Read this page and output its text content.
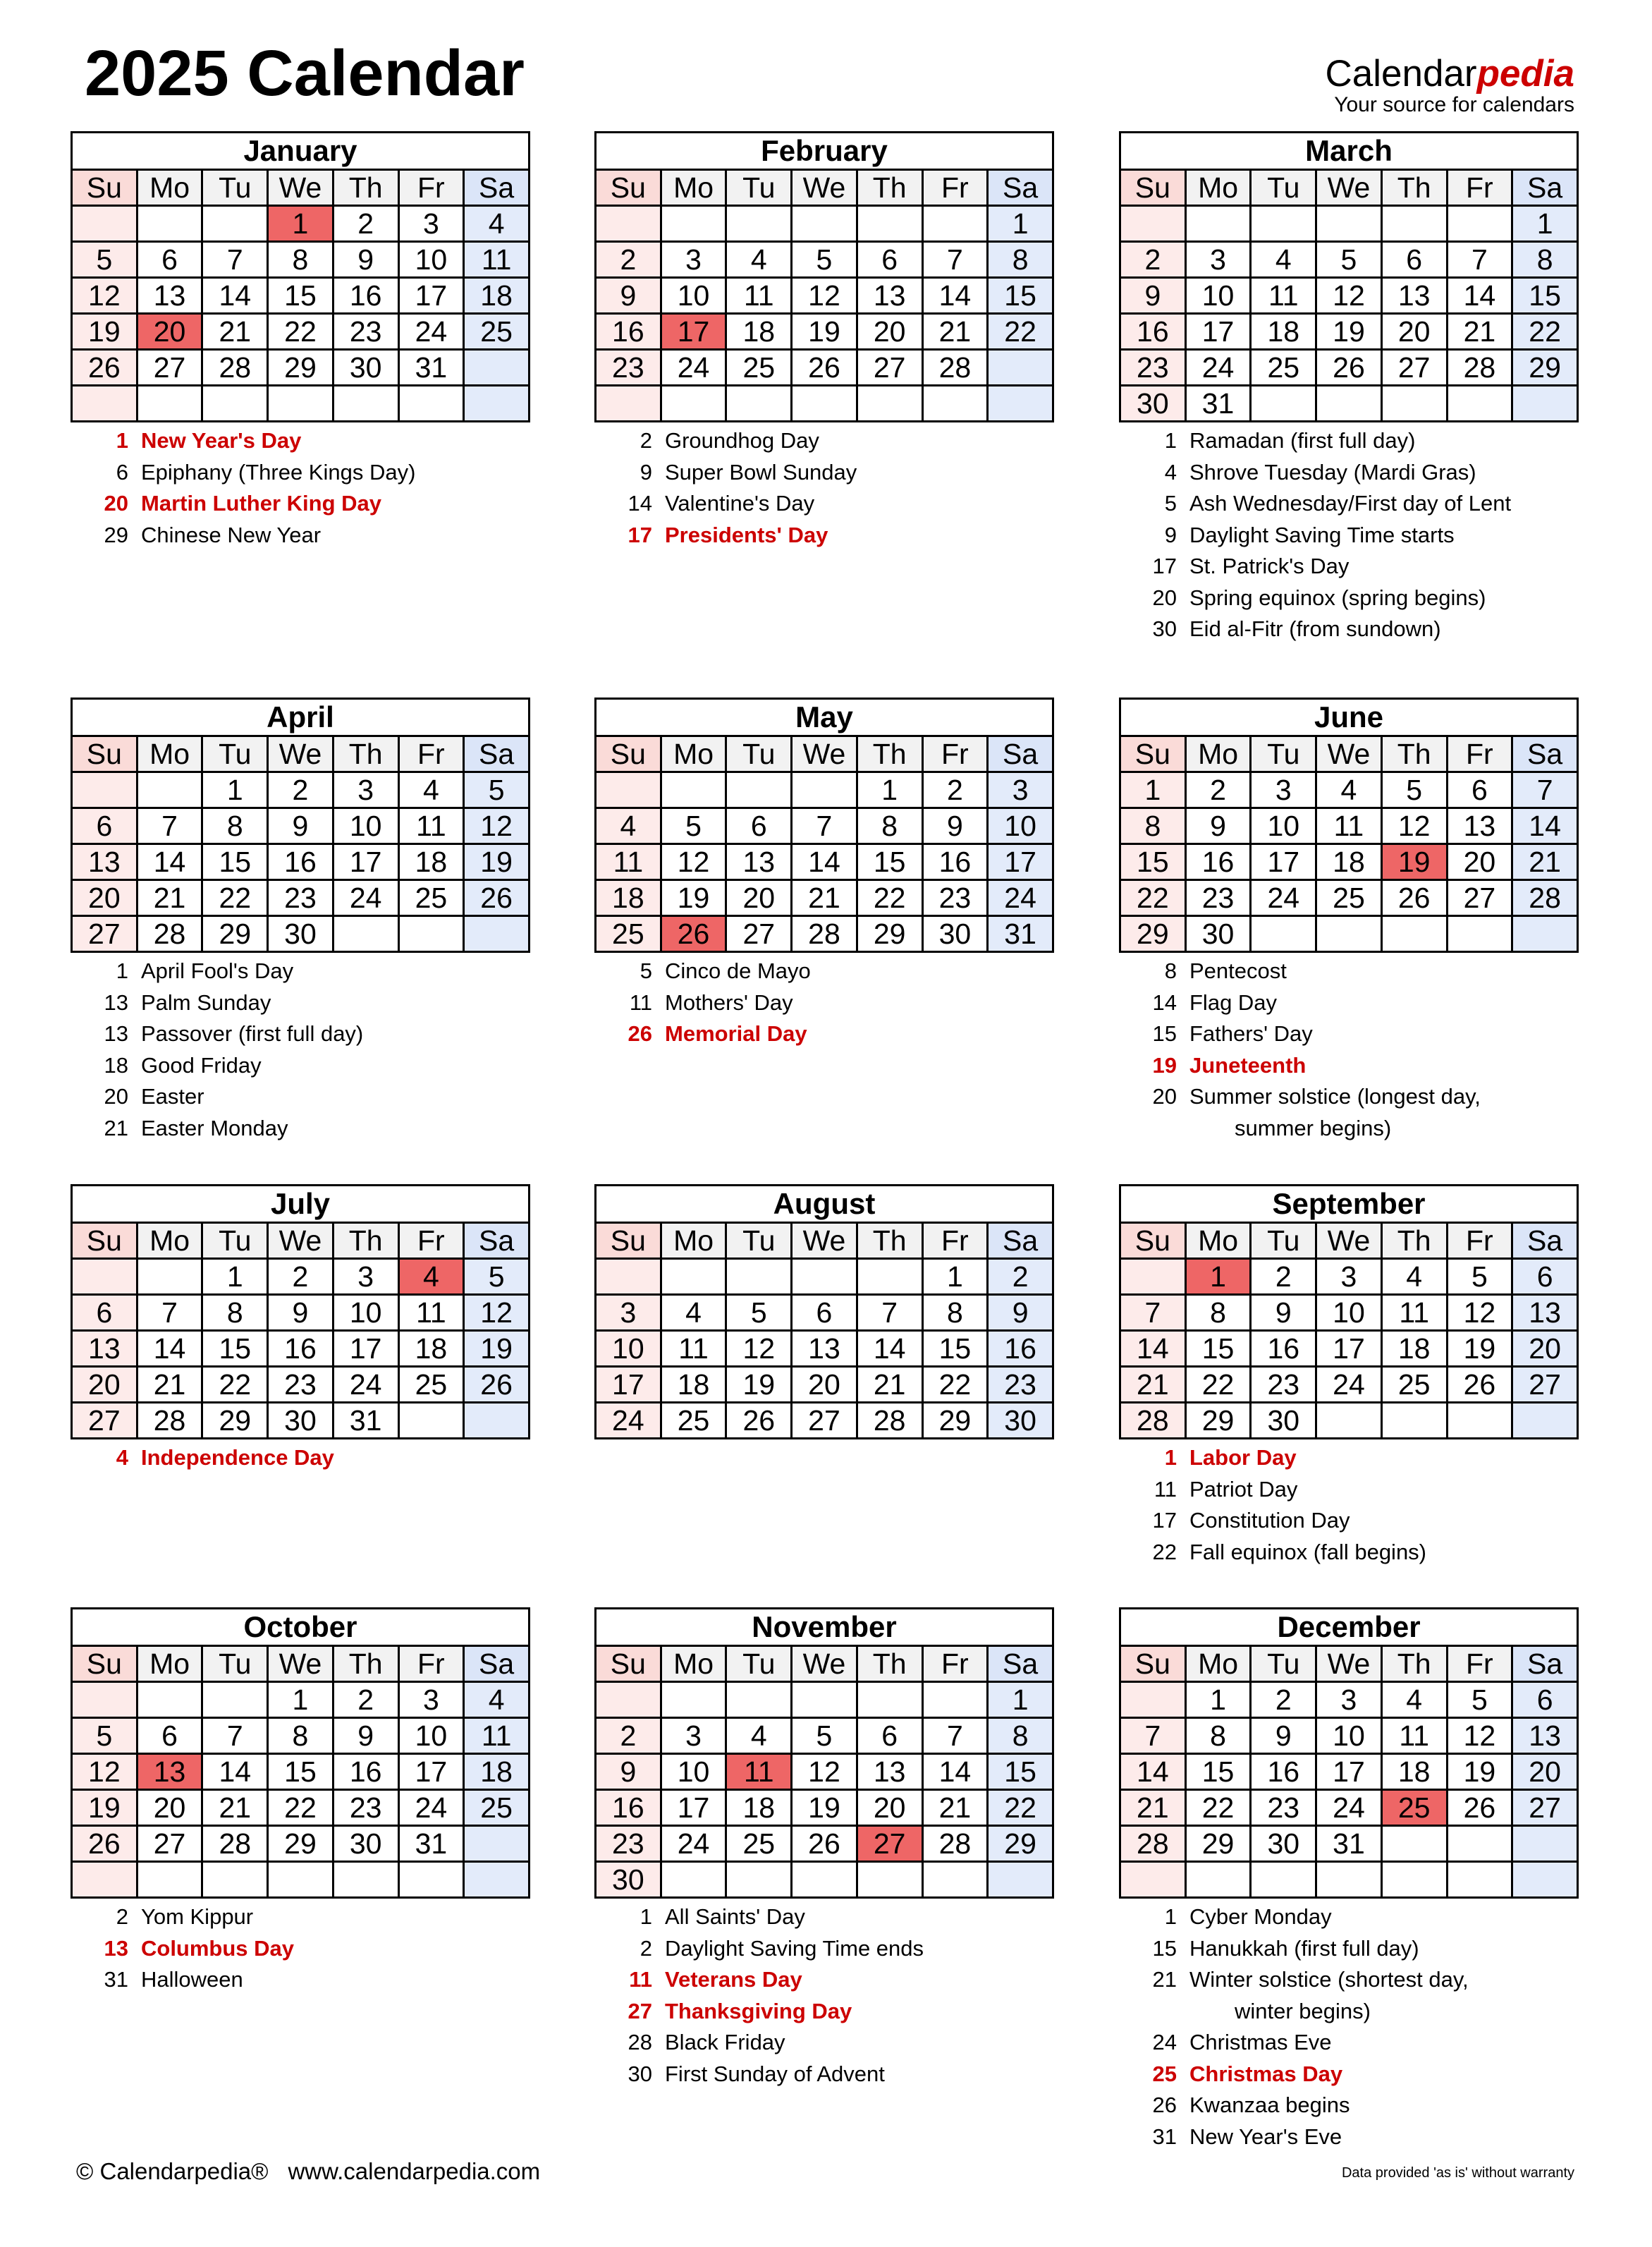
2025 Calendar	Calendarpedia
Your source for calendars
January						
Su	Mo	Tu	We	Th	Fr	Sa
			1	2	3	4
5	6	7	8	9	10	11
12	13	14	15	16	17	18
19	20	21	22	23	24	25
26	27	28	29	30	31	

1 New Year's Day
6 Epiphany (Three Kings Day)
20 Martin Luther King Day
29 Chinese New Year
February						
Su	Mo	Tu	We	Th	Fr	Sa
						1
2	3	4	5	6	7	8
9	10	11	12	13	14	15
16	17	18	19	20	21	22
23	24	25	26	27	28	

2 Groundhog Day
9 Super Bowl Sunday
14 Valentine's Day
17 Presidents' Day
March						
Su	Mo	Tu	We	Th	Fr	Sa
						1
2	3	4	5	6	7	8
9	10	11	12	13	14	15
16	17	18	19	20	21	22
23	24	25	26	27	28	29
30	31					
1 Ramadan (first full day)
4 Shrove Tuesday (Mardi Gras)
5 Ash Wednesday/First day of Lent
9 Daylight Saving Time starts
17 St. Patrick's Day
20 Spring equinox (spring begins)
30 Eid al-Fitr (from sundown)
April						
Su	Mo	Tu	We	Th	Fr	Sa
		1	2	3	4	5
6	7	8	9	10	11	12
13	14	15	16	17	18	19
20	21	22	23	24	25	26
27	28	29	30			
1 April Fool's Day
13 Palm Sunday
13 Passover (first full day)
18 Good Friday
20 Easter
21 Easter Monday
May						
Su	Mo	Tu	We	Th	Fr	Sa
				1	2	3
4	5	6	7	8	9	10
11	12	13	14	15	16	17
18	19	20	21	22	23	24
25	26	27	28	29	30	31
5 Cinco de Mayo
11 Mothers' Day
26 Memorial Day
June						
Su	Mo	Tu	We	Th	Fr	Sa
1	2	3	4	5	6	7
8	9	10	11	12	13	14
15	16	17	18	19	20	21
22	23	24	25	26	27	28
29	30					
8 Pentecost
14 Flag Day
15 Fathers' Day
19 Juneteenth
20 Summer solstice (longest day,
summer begins)
July						
Su	Mo	Tu	We	Th	Fr	Sa
		1	2	3	4	5
6	7	8	9	10	11	12
13	14	15	16	17	18	19
20	21	22	23	24	25	26
27	28	29	30	31		
4 Independence Day
August						
Su	Mo	Tu	We	Th	Fr	Sa
					1	2
3	4	5	6	7	8	9
10	11	12	13	14	15	16
17	18	19	20	21	22	23
24	25	26	27	28	29	30
September						
Su	Mo	Tu	We	Th	Fr	Sa
	1	2	3	4	5	6
7	8	9	10	11	12	13
14	15	16	17	18	19	20
21	22	23	24	25	26	27
28	29	30				
1 Labor Day
11 Patriot Day
17 Constitution Day
22 Fall equinox (fall begins)
October						
Su	Mo	Tu	We	Th	Fr	Sa
			1	2	3	4
5	6	7	8	9	10	11
12	13	14	15	16	17	18
19	20	21	22	23	24	25
26	27	28	29	30	31	

2 Yom Kippur
13 Columbus Day
31 Halloween
November						
Su	Mo	Tu	We	Th	Fr	Sa
						1
2	3	4	5	6	7	8
9	10	11	12	13	14	15
16	17	18	19	20	21	22
23	24	25	26	27	28	29
30						
1 All Saints' Day
2 Daylight Saving Time ends
11 Veterans Day
27 Thanksgiving Day
28 Black Friday
30 First Sunday of Advent
December						
Su	Mo	Tu	We	Th	Fr	Sa
	1	2	3	4	5	6
7	8	9	10	11	12	13
14	15	16	17	18	19	20
21	22	23	24	25	26	27
28	29	30	31			

1 Cyber Monday
15 Hanukkah (first full day)
21 Winter solstice (shortest day,
winter begins)
24 Christmas Eve
25 Christmas Day
26 Kwanzaa begins
31 New Year's Eve
© Calendarpedia® www.calendarpedia.com	Data provided 'as is' without warranty
